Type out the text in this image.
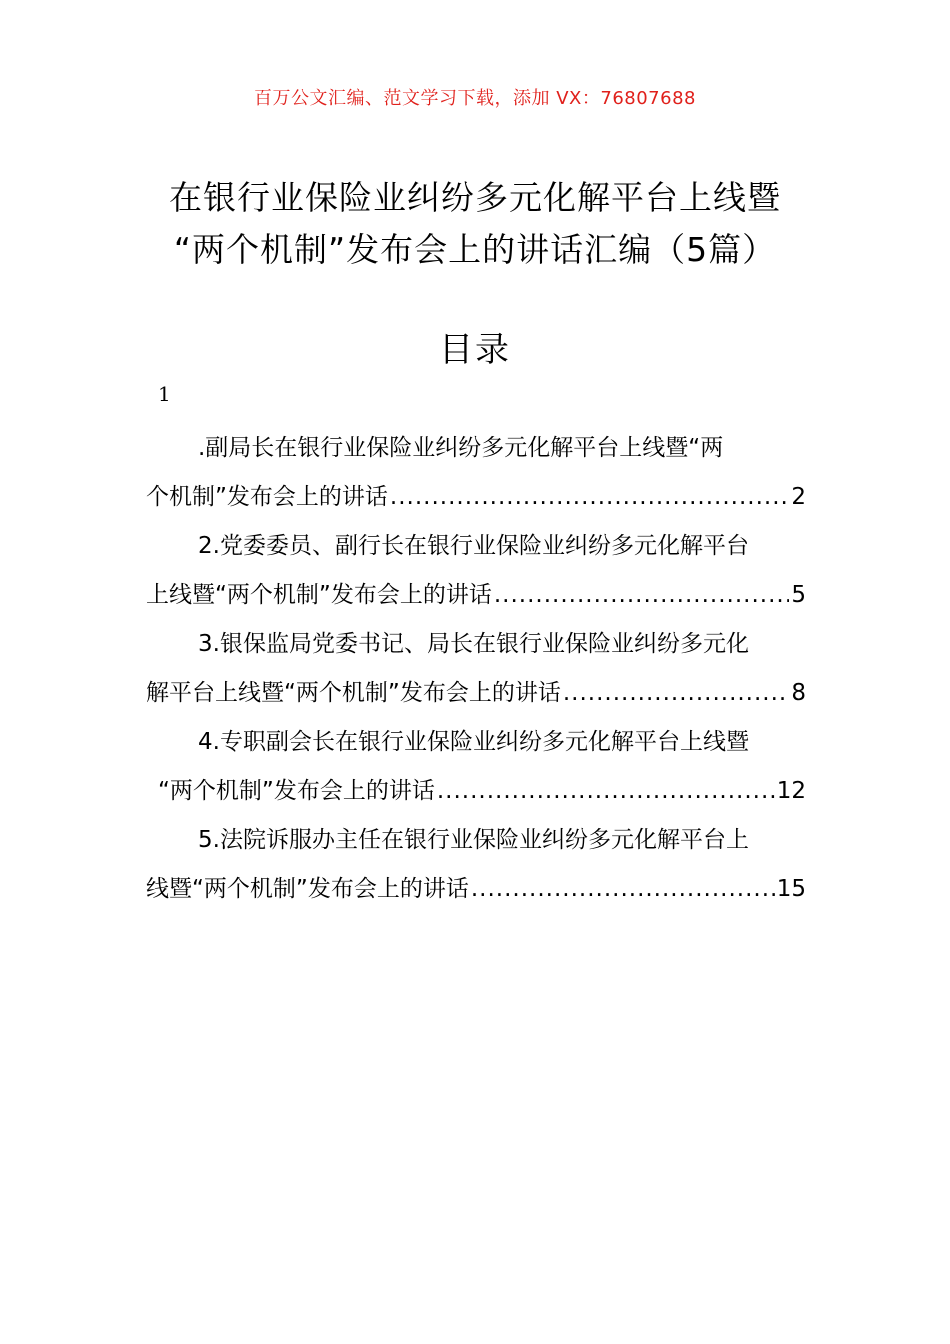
百万公文汇编、范文学习下载，添加 VX：76807688
在银行业保险业纠纷多元化解平台上线暨
“两个机制”发布会上的讲话汇编（5篇）
目录
1
.副局长在银行业保险业纠纷多元化解平台上线暨“两
个机制”发布会上的讲话 .....	2
2.党委委员、副行长在银行业保险业纠纷多元化解平台
上线暨“两个机制”发布会上的讲话 .....	5
3.银保监局党委书记、局长在银行业保险业纠纷多元化
解平台上线暨“两个机制”发布会上的讲话 .....	8
4.专职副会长在银行业保险业纠纷多元化解平台上线暨
“两个机制”发布会上的讲话 .....	12
5.法院诉服办主任在银行业保险业纠纷多元化解平台上
线暨“两个机制”发布会上的讲话 .....	15
